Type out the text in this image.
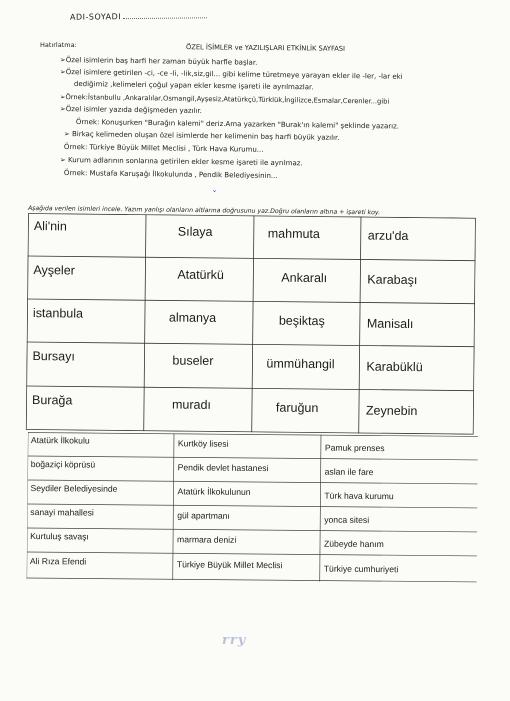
ADI-SOYADI
Hatırlatma:	ÖZEL İSİMLER ve YAZILIŞLARI ETKİNLİK SAYFASI
➢Özel isimlerin baş harfi her zaman büyük harfle başlar.
➢Özel isimlere getirilen -ci, -ce -li, -lik,siz,gil... gibi kelime türetmeye yarayan ekler ile -ler, -lar eki
dediğimiz ,kelimeleri çoğul yapan ekler kesme işareti ile ayrılmazlar.
➢Örnek:İstanbullu ,Ankaralılar,Osmangil,Ayşesiz,Atatürkçü,Türklük,İngilizce,Esmalar,Cerenler...gibi
➢Özel isimler yazıda değişmeden yazılır.
Örnek: Konuşurken "Burağın kalemi" deriz.Ama yazarken "Burak'ın kalemi" şeklinde yazarız.
➢ Birkaç kelimeden oluşan özel isimlerde her kelimenin baş harfi büyük yazılır.
Örnek: Türkiye Büyük Millet Meclisi , Türk Hava Kurumu...
➢ Kurum adlarının sonlarına getirilen ekler kesme işareti ile ayrılmaz.
Örnek: Mustafa Karuşağı İlkokulunda , Pendik Belediyesinin...
ˇ
Aşağıda verilen isimleri incele. Yazım yanlışı olanların altlarına doğrusunu yaz.Doğru olanların altına + işareti koy.
Ali'nin	Sılaya	mahmuta	arzu'da
Ayşeler	Atatürkü	Ankaralı	Karabaşı
istanbula	almanya	beşiktaş	Manisalı
Bursayı	buseler	ümmühangil	Karabüklü
Burağa	muradı	faruğun	Zeynebin
Atatürk İlkokulu	Kurtköy lisesi	Pamuk prenses
boğaziçi köprüsü	Pendik devlet hastanesi	aslan ile fare
Seydiler Belediyesinde	Atatürk İlkokulunun	Türk hava kurumu
sanayi mahallesi	gül apartmanı	yonca sitesi
Kurtuluş savaşı	marmara denizi	Zübeyde hanım
Ali Rıza Efendi	Türkiye Büyük Millet Meclisi	Türkiye cumhuriyeti
rry
